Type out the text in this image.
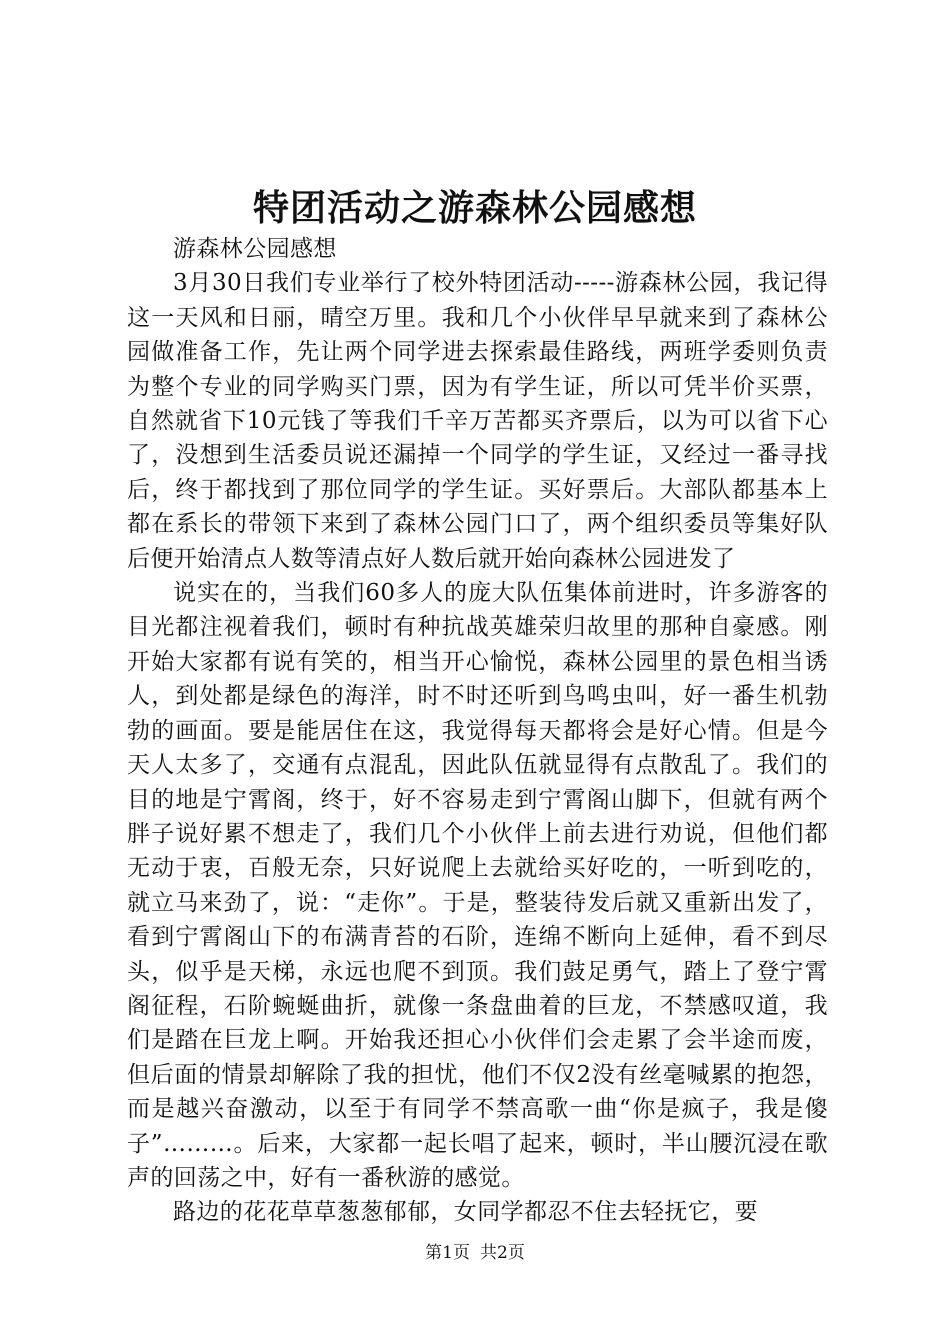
特团活动之游森林公园感想

游森林公园感想

3月30日我们专业举行了校外特团活动-----游森林公园，我记得这一天风和日丽，晴空万里。我和几个小伙伴早早就来到了森林公园做准备工作，先让两个同学进去探索最佳路线，两班学委则负责为整个专业的同学购买门票，因为有学生证，所以可凭半价买票，自然就省下10元钱了等我们千辛万苦都买齐票后，以为可以省下心了，没想到生活委员说还漏掉一个同学的学生证，又经过一番寻找后，终于都找到了那位同学的学生证。买好票后。大部队都基本上都在系长的带领下来到了森林公园门口了，两个组织委员等集好队后便开始清点人数等清点好人数后就开始向森林公园进发了

说实在的，当我们60多人的庞大队伍集体前进时，许多游客的目光都注视着我们，顿时有种抗战英雄荣归故里的那种自豪感。刚开始大家都有说有笑的，相当开心愉悦，森林公园里的景色相当诱人，到处都是绿色的海洋，时不时还听到鸟鸣虫叫，好一番生机勃勃的画面。要是能居住在这，我觉得每天都将会是好心情。但是今天人太多了，交通有点混乱，因此队伍就显得有点散乱了。我们的目的地是宁霄阁，终于，好不容易走到宁霄阁山脚下，但就有两个胖子说好累不想走了，我们几个小伙伴上前去进行劝说，但他们都无动于衷，百般无奈，只好说爬上去就给买好吃的，一听到吃的，就立马来劲了，说：“走你”。于是，整装待发后就又重新出发了，看到宁霄阁山下的布满青苔的石阶，连绵不断向上延伸，看不到尽头，似乎是天梯，永远也爬不到顶。我们鼓足勇气，踏上了登宁霄阁征程，石阶蜿蜒曲折，就像一条盘曲着的巨龙，不禁感叹道，我们是踏在巨龙上啊。开始我还担心小伙伴们会走累了会半途而废，但后面的情景却解除了我的担忧，他们不仅2没有丝毫喊累的抱怨，而是越兴奋激动，以至于有同学不禁高歌一曲“你是疯子，我是傻子”………。后来，大家都一起长唱了起来，顿时，半山腰沉浸在歌声的回荡之中，好有一番秋游的感觉。

路边的花花草草葱葱郁郁，女同学都忍不住去轻抚它，要

第1页 共2页
